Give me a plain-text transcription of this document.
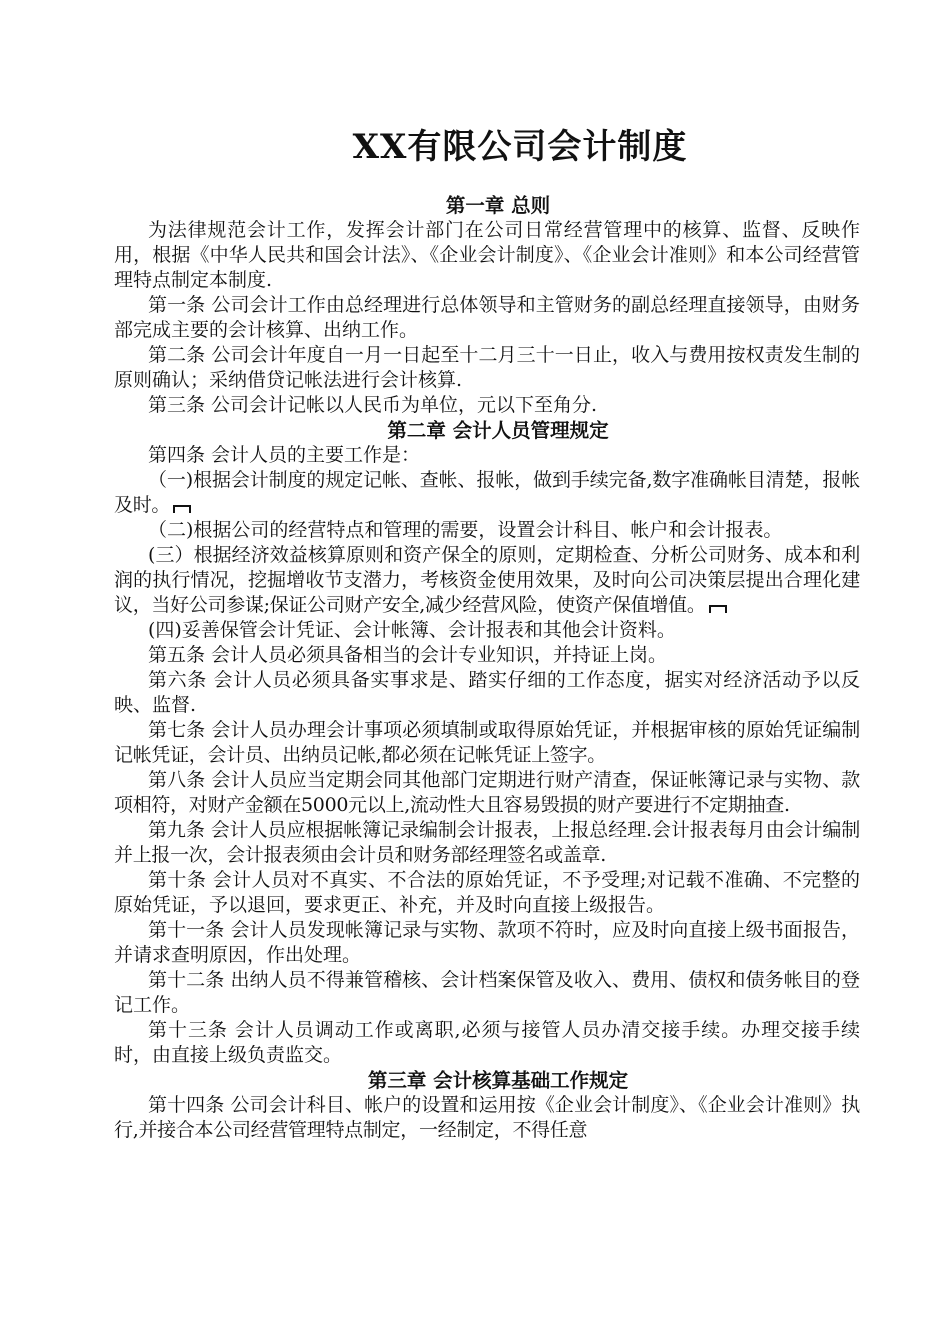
XX有限公司会计制度

第一章 总则

为法律规范会计工作，发挥会计部门在公司日常经营管理中的核算、监督、反映作用，根据《中华人民共和国会计法》、《企业会计制度》、《企业会计准则》和本公司经营管理特点制定本制度.

第一条 公司会计工作由总经理进行总体领导和主管财务的副总经理直接领导，由财务部完成主要的会计核算、出纳工作。

第二条 公司会计年度自一月一日起至十二月三十一日止，收入与费用按权责发生制的原则确认；采纳借贷记帐法进行会计核算.

第三条 公司会计记帐以人民币为单位，元以下至角分.

第二章 会计人员管理规定

第四条 会计人员的主要工作是：

（一)根据会计制度的规定记帐、查帐、报帐，做到手续完备,数字准确帐目清楚，报帐及时。

（二)根据公司的经营特点和管理的需要，设置会计科目、帐户和会计报表。

(三）根据经济效益核算原则和资产保全的原则，定期检查、分析公司财务、成本和利润的执行情况，挖掘增收节支潜力，考核资金使用效果，及时向公司决策层提出合理化建议，当好公司参谋;保证公司财产安全,减少经营风险，使资产保值增值。

(四)妥善保管会计凭证、会计帐簿、会计报表和其他会计资料。

第五条 会计人员必须具备相当的会计专业知识，并持证上岗。

第六条 会计人员必须具备实事求是、踏实仔细的工作态度，据实对经济活动予以反映、监督.

第七条 会计人员办理会计事项必须填制或取得原始凭证，并根据审核的原始凭证编制记帐凭证，会计员、出纳员记帐,都必须在记帐凭证上签字。

第八条 会计人员应当定期会同其他部门定期进行财产清查，保证帐簿记录与实物、款项相符，对财产金额在5000元以上,流动性大且容易毁损的财产要进行不定期抽查.

第九条 会计人员应根据帐簿记录编制会计报表，上报总经理.会计报表每月由会计编制并上报一次，会计报表须由会计员和财务部经理签名或盖章.

第十条 会计人员对不真实、不合法的原始凭证，不予受理;对记载不准确、不完整的原始凭证，予以退回，要求更正、补充，并及时向直接上级报告。

第十一条 会计人员发现帐簿记录与实物、款项不符时，应及时向直接上级书面报告，并请求查明原因，作出处理。

第十二条 出纳人员不得兼管稽核、会计档案保管及收入、费用、债权和债务帐目的登记工作。

第十三条 会计人员调动工作或离职,必须与接管人员办清交接手续。办理交接手续时，由直接上级负责监交。

第三章 会计核算基础工作规定

第十四条 公司会计科目、帐户的设置和运用按《企业会计制度》、《企业会计准则》执行,并接合本公司经营管理特点制定，一经制定，不得任意
